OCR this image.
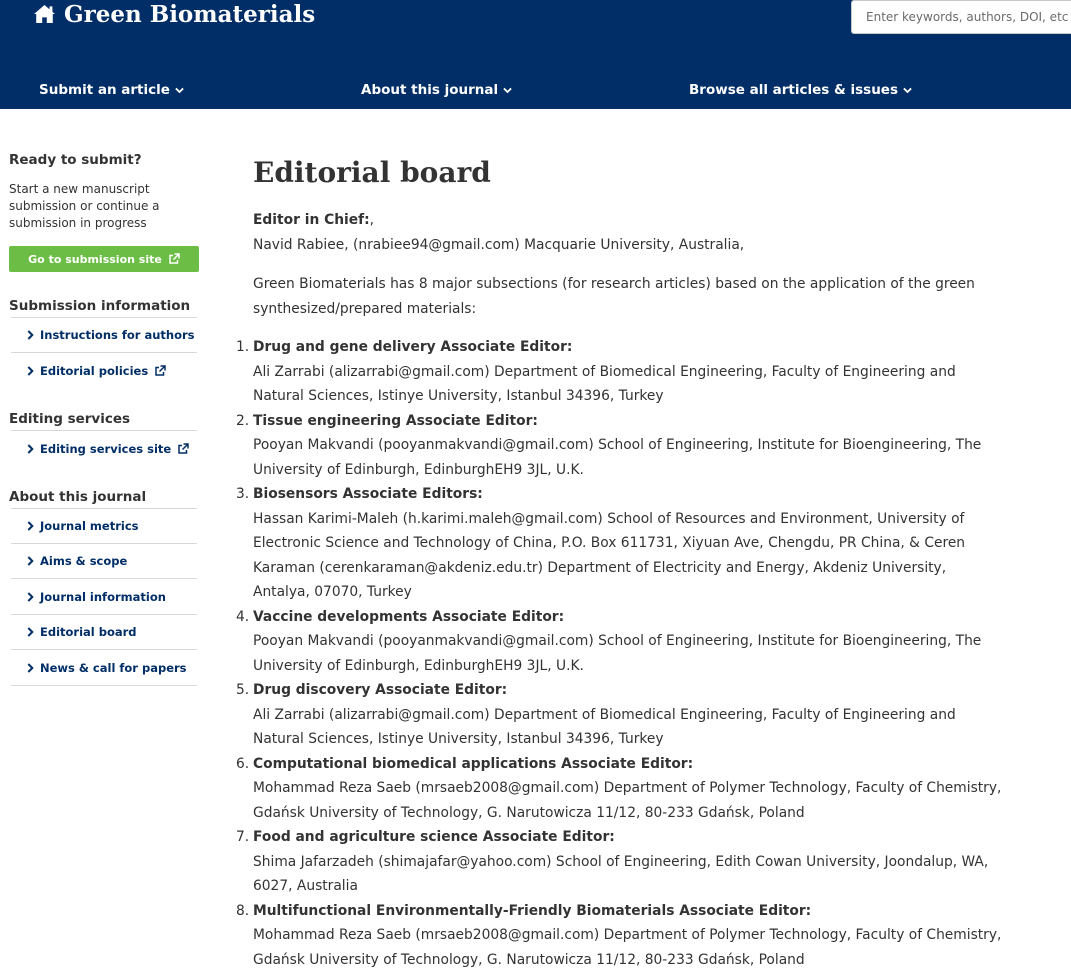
Green Biomaterials
Enter keywords, authors, DOI, etc
Submit an article	About this journal	Browse all articles & issues
Ready to submit?
Start a new manuscript submission or continue a submission in progress
Go to submission site
Submission information
Instructions for authors
Editorial policies
Editing services
Editing services site
About this journal
Journal metrics
Aims & scope
Journal information
Editorial board
News & call for papers
Editorial board
Editor in Chief:,
Navid Rabiee, (nrabiee94@gmail.com) Macquarie University, Australia,
Green Biomaterials has 8 major subsections (for research articles) based on the application of the green synthesized/prepared materials:
1. Drug and gene delivery Associate Editor:
Ali Zarrabi (alizarrabi@gmail.com) Department of Biomedical Engineering, Faculty of Engineering and Natural Sciences, Istinye University, Istanbul 34396, Turkey
2. Tissue engineering Associate Editor:
Pooyan Makvandi (pooyanmakvandi@gmail.com) School of Engineering, Institute for Bioengineering, The University of Edinburgh, EdinburghEH9 3JL, U.K.
3. Biosensors Associate Editors:
Hassan Karimi-Maleh (h.karimi.maleh@gmail.com) School of Resources and Environment, University of Electronic Science and Technology of China, P.O. Box 611731, Xiyuan Ave, Chengdu, PR China, & Ceren Karaman (cerenkaraman@akdeniz.edu.tr) Department of Electricity and Energy, Akdeniz University, Antalya, 07070, Turkey
4. Vaccine developments Associate Editor:
Pooyan Makvandi (pooyanmakvandi@gmail.com) School of Engineering, Institute for Bioengineering, The University of Edinburgh, EdinburghEH9 3JL, U.K.
5. Drug discovery Associate Editor:
Ali Zarrabi (alizarrabi@gmail.com) Department of Biomedical Engineering, Faculty of Engineering and Natural Sciences, Istinye University, Istanbul 34396, Turkey
6. Computational biomedical applications Associate Editor:
Mohammad Reza Saeb (mrsaeb2008@gmail.com) Department of Polymer Technology, Faculty of Chemistry, Gdańsk University of Technology, G. Narutowicza 11/12, 80-233 Gdańsk, Poland
7. Food and agriculture science Associate Editor:
Shima Jafarzadeh (shimajafar@yahoo.com) School of Engineering, Edith Cowan University, Joondalup, WA, 6027, Australia
8. Multifunctional Environmentally-Friendly Biomaterials Associate Editor:
Mohammad Reza Saeb (mrsaeb2008@gmail.com) Department of Polymer Technology, Faculty of Chemistry, Gdańsk University of Technology, G. Narutowicza 11/12, 80-233 Gdańsk, Poland
